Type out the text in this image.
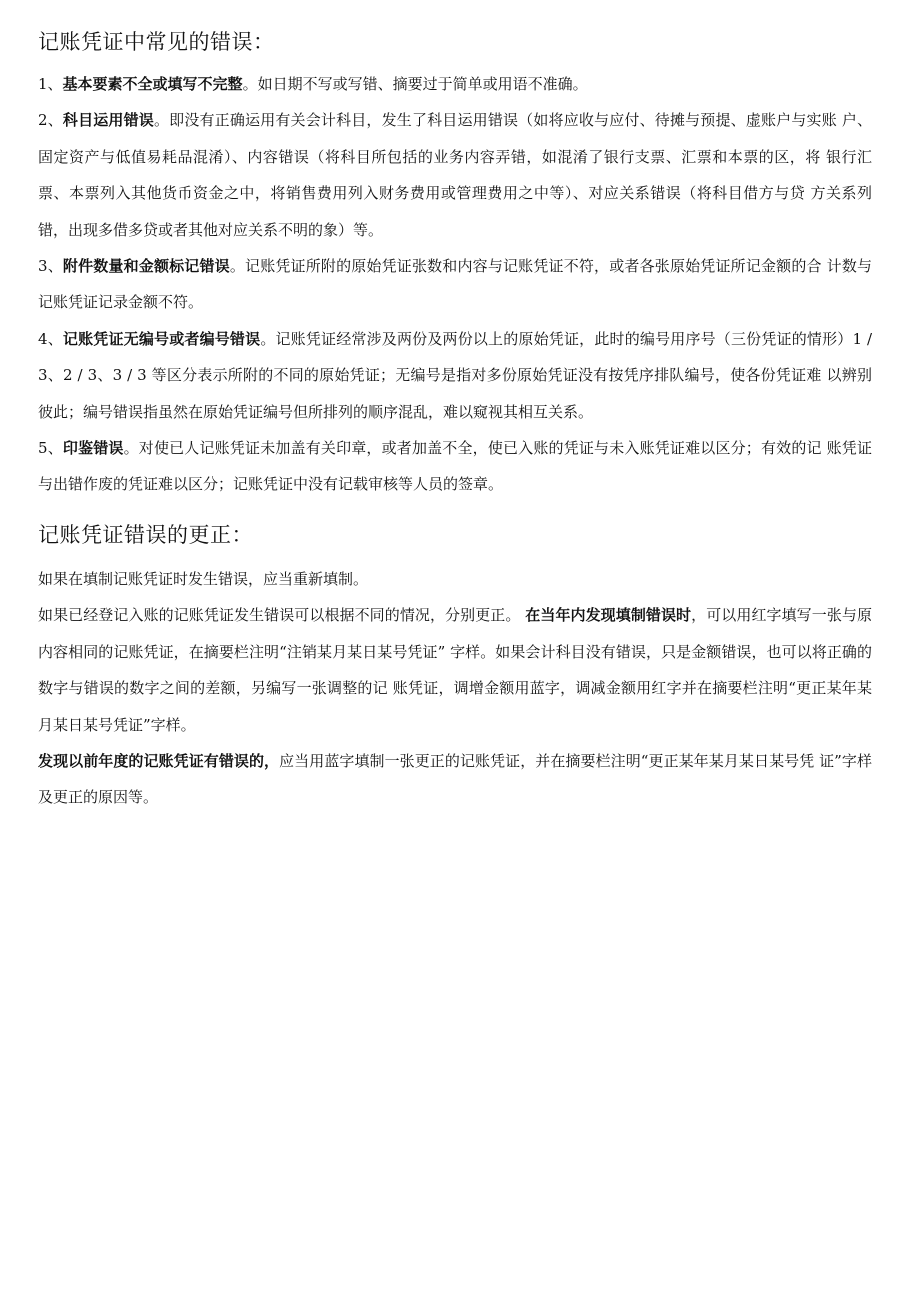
记账凭证中常见的错误：

1、基本要素不全或填写不完整。如日期不写或写错、摘要过于简单或用语不准确。

2、科目运用错误。即没有正确运用有关会计科目，发生了科目运用错误（如将应收与应付、待摊与预提、虚账户与实账 户、固定资产与低值易耗品混淆）、内容错误（将科目所包括的业务内容弄错，如混淆了银行支票、汇票和本票的区，将 银行汇票、本票列入其他货币资金之中，将销售费用列入财务费用或管理费用之中等）、对应关系错误（将科目借方与贷 方关系列错，出现多借多贷或者其他对应关系不明的象）等。

3、附件数量和金额标记错误。记账凭证所附的原始凭证张数和内容与记账凭证不符，或者各张原始凭证所记金额的合 计数与记账凭证记录金额不符。

4、记账凭证无编号或者编号错误。记账凭证经常涉及两份及两份以上的原始凭证，此时的编号用序号（三份凭证的情形）1 / 3、2 / 3、3 / 3 等区分表示所附的不同的原始凭证；无编号是指对多份原始凭证没有按凭序排队编号，使各份凭证难 以辨别彼此；编号错误指虽然在原始凭证编号但所排列的顺序混乱，难以窥视其相互关系。

5、印鉴错误。对使已人记账凭证未加盖有关印章，或者加盖不全，使已入账的凭证与未入账凭证难以区分；有效的记 账凭证与出错作废的凭证难以区分；记账凭证中没有记载审核等人员的签章。

记账凭证错误的更正：

如果在填制记账凭证时发生错误，应当重新填制。

如果已经登记入账的记账凭证发生错误可以根据不同的情况，分别更正。 在当年内发现填制错误时，可以用红字填写一张与原内容相同的记账凭证，在摘要栏注明“注销某月某日某号凭证” 字样。如果会计科目没有错误，只是金额错误，也可以将正确的数字与错误的数字之间的差额，另编写一张调整的记 账凭证，调增金额用蓝字，调减金额用红字并在摘要栏注明“更正某年某月某日某号凭证”字样。

发现以前年度的记账凭证有错误的，应当用蓝字填制一张更正的记账凭证，并在摘要栏注明“更正某年某月某日某号凭 证”字样及更正的原因等。
